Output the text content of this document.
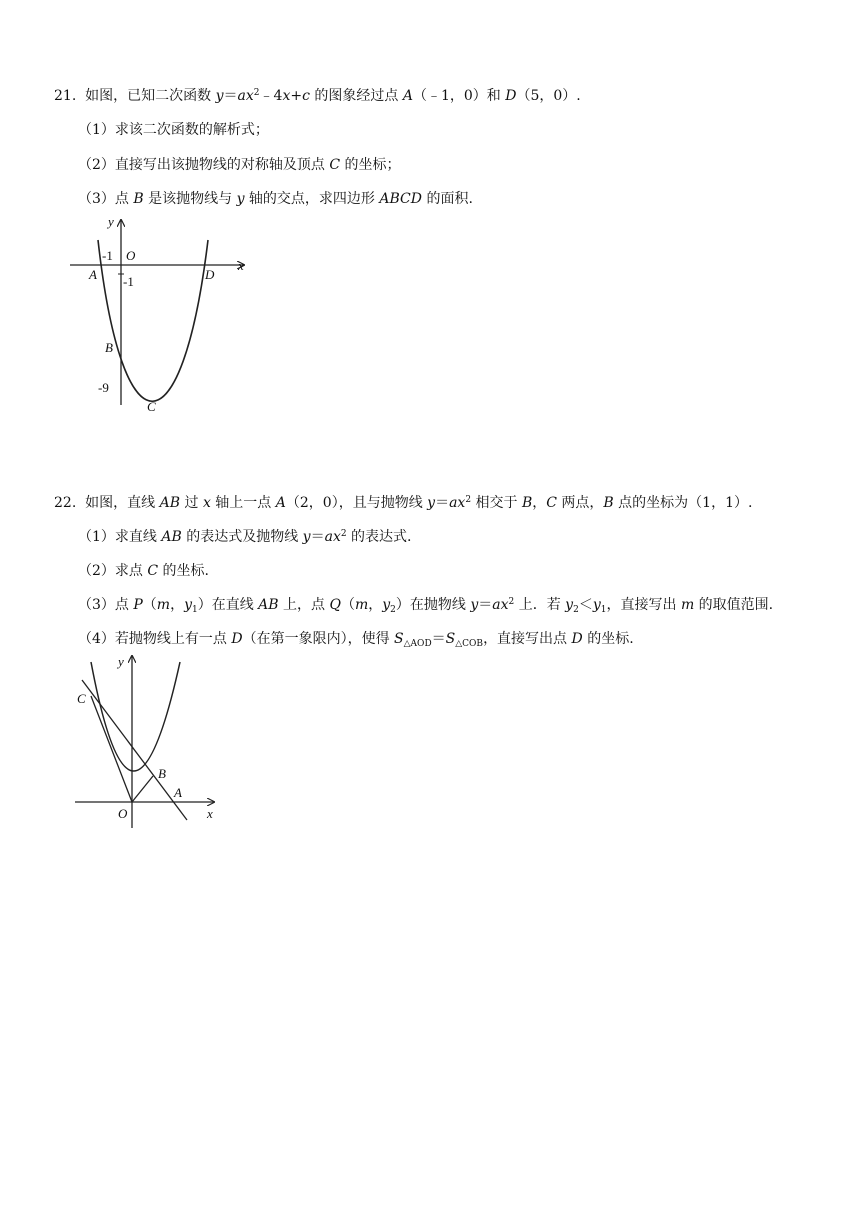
21. 如图，已知二次函数 $y=ax^2﹣4x+c$ 的图象经过点 A（﹣1，0）和 D（5，0）.
（1）求该二次函数的解析式；
（2）直接写出该抛物线的对称轴及顶点 C 的坐标；
（3）点 B 是该抛物线与 y 轴的交点，求四边形 ABCD 的面积.
x
y
O
-1
-1
-9
A
B
C
D
22. 如图，直线 AB 过 x 轴上一点 A（2，0），且与抛物线 $y=ax^2$ 相交于 B，C 两点，B 点的坐标为（1，1）.
（1）求直线 AB 的表达式及抛物线 $y=ax^2$ 的表达式.
（2）求点 C 的坐标.
（3）点 P（m，$y_1$）在直线 AB 上，点 Q（m，$y_2$）在抛物线 $y=ax^2$ 上．若 $y_2<y_1$，直接写出 m 的取值范围.
（4）若抛物线上有一点 D（在第一象限内），使得 $S_{\triangle AOD}=S_{\triangle COB}$，直接写出点 D 的坐标.
x
y
O
A
B
C
